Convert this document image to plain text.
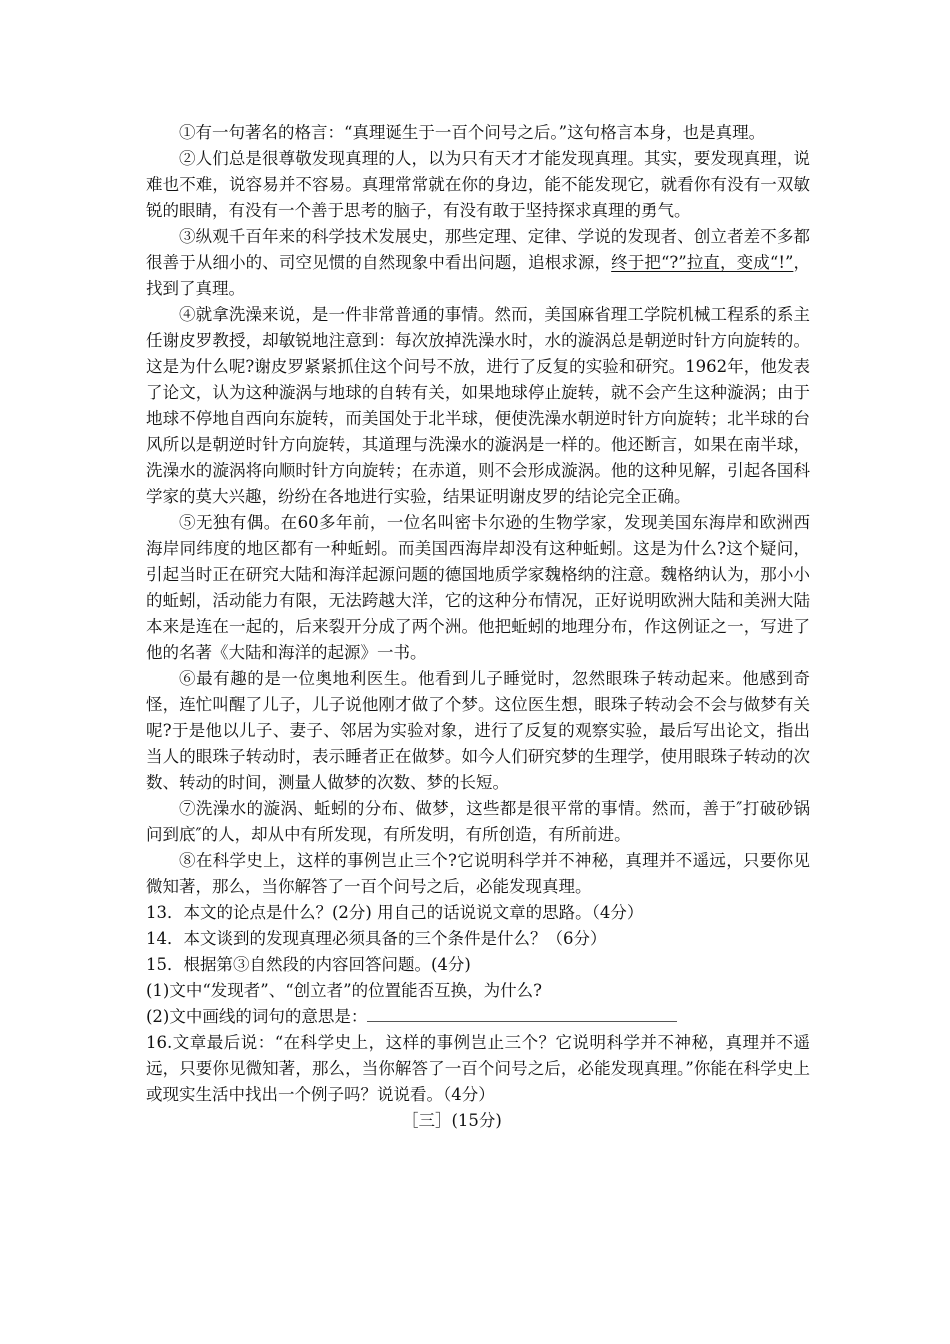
①有一句著名的格言：“真理诞生于一百个问号之后。”这句格言本身，也是真理。

②人们总是很尊敬发现真理的人，以为只有天才才能发现真理。其实，要发现真理，说难也不难，说容易并不容易。真理常常就在你的身边，能不能发现它，就看你有没有一双敏锐的眼睛，有没有一个善于思考的脑子，有没有敢于坚持探求真理的勇气。

③纵观千百年来的科学技术发展史，那些定理、定律、学说的发现者、创立者差不多都很善于从细小的、司空见惯的自然现象中看出问题，追根求源，终于把“?”拉直，变成“!”，找到了真理。

④就拿洗澡来说，是一件非常普通的事情。然而，美国麻省理工学院机械工程系的系主任谢皮罗教授，却敏锐地注意到：每次放掉洗澡水时，水的漩涡总是朝逆时针方向旋转的。这是为什么呢?谢皮罗紧紧抓住这个问号不放，进行了反复的实验和研究。1962年，他发表了论文，认为这种漩涡与地球的自转有关，如果地球停止旋转，就不会产生这种漩涡；由于地球不停地自西向东旋转，而美国处于北半球，便使洗澡水朝逆时针方向旋转；北半球的台风所以是朝逆时针方向旋转，其道理与洗澡水的漩涡是一样的。他还断言，如果在南半球，洗澡水的漩涡将向顺时针方向旋转；在赤道，则不会形成漩涡。他的这种见解，引起各国科学家的莫大兴趣，纷纷在各地进行实验，结果证明谢皮罗的结论完全正确。

⑤无独有偶。在60多年前，一位名叫密卡尔逊的生物学家，发现美国东海岸和欧洲西海岸同纬度的地区都有一种蚯蚓。而美国西海岸却没有这种蚯蚓。这是为什么?这个疑问，引起当时正在研究大陆和海洋起源问题的德国地质学家魏格纳的注意。魏格纳认为，那小小的蚯蚓，活动能力有限，无法跨越大洋，它的这种分布情况，正好说明欧洲大陆和美洲大陆本来是连在一起的，后来裂开分成了两个洲。他把蚯蚓的地理分布，作这例证之一，写进了他的名著《大陆和海洋的起源》一书。

⑥最有趣的是一位奥地利医生。他看到儿子睡觉时，忽然眼珠子转动起来。他感到奇怪，连忙叫醒了儿子，儿子说他刚才做了个梦。这位医生想，眼珠子转动会不会与做梦有关呢?于是他以儿子、妻子、邻居为实验对象，进行了反复的观察实验，最后写出论文，指出当人的眼珠子转动时，表示睡者正在做梦。如今人们研究梦的生理学，使用眼珠子转动的次数、转动的时间，测量人做梦的次数、梦的长短。

⑦洗澡水的漩涡、蚯蚓的分布、做梦，这些都是很平常的事情。然而，善于″打破砂锅问到底″的人，却从中有所发现，有所发明，有所创造，有所前进。

⑧在科学史上，这样的事例岂止三个?它说明科学并不神秘，真理并不遥远，只要你见微知著，那么，当你解答了一百个问号之后，必能发现真理。

13．本文的论点是什么？(2分) 用自己的话说说文章的思路。（4分）

14．本文谈到的发现真理必须具备的三个条件是什么？（6分）

15．根据第③自然段的内容回答问题。(4分)

(1)文中“发现者”、“创立者”的位置能否互换，为什么?

(2)文中画线的词句的意思是：

16.文章最后说：“在科学史上，这样的事例岂止三个？它说明科学并不神秘，真理并不遥远，只要你见微知著，那么，当你解答了一百个问号之后，必能发现真理。”你能在科学史上或现实生活中找出一个例子吗？说说看。（4分）

［三］(15分)
